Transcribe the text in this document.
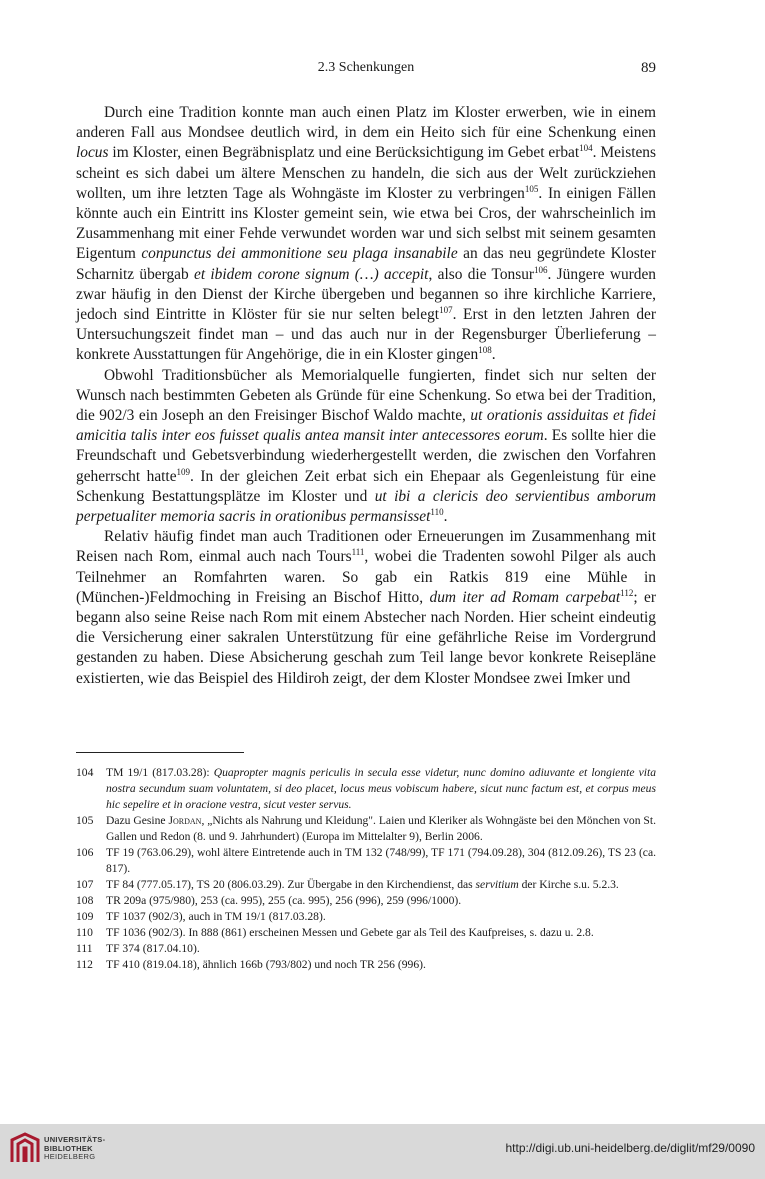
2.3 Schenkungen	89

Durch eine Tradition konnte man auch einen Platz im Kloster erwerben, wie in einem anderen Fall aus Mondsee deutlich wird, in dem ein Heito sich für eine Schenkung einen locus im Kloster, einen Begräbnisplatz und eine Berücksichtigung im Gebet erbat$^{104}$. Meistens scheint es sich dabei um ältere Menschen zu handeln, die sich aus der Welt zurückziehen wollten, um ihre letzten Tage als Wohngäste im Kloster zu verbringen$^{105}$. In einigen Fällen könnte auch ein Eintritt ins Kloster gemeint sein, wie etwa bei Cros, der wahrscheinlich im Zusammenhang mit einer Fehde verwundet worden war und sich selbst mit seinem gesamten Eigentum conpunctus dei ammonitione seu plaga insanabile an das neu gegründete Kloster Scharnitz übergab et ibidem corone signum (…) accepit, also die Tonsur$^{106}$. Jüngere wurden zwar häufig in den Dienst der Kirche übergeben und begannen so ihre kirchliche Karriere, jedoch sind Eintritte in Klöster für sie nur selten belegt$^{107}$. Erst in den letzten Jahren der Untersuchungszeit findet man – und das auch nur in der Regensburger Überlieferung – konkrete Ausstattungen für Angehörige, die in ein Kloster gingen$^{108}$.

Obwohl Traditionsbücher als Memorialquelle fungierten, findet sich nur selten der Wunsch nach bestimmten Gebeten als Gründe für eine Schenkung. So etwa bei der Tradition, die 902/3 ein Joseph an den Freisinger Bischof Waldo machte, ut orationis assiduitas et fidei amicitia talis inter eos fuisset qualis antea mansit inter antecessores eorum. Es sollte hier die Freundschaft und Gebetsverbindung wiederhergestellt werden, die zwischen den Vorfahren geherrscht hatte$^{109}$. In der gleichen Zeit erbat sich ein Ehepaar als Gegenleistung für eine Schenkung Bestattungsplätze im Kloster und ut ibi a clericis deo servientibus amborum perpetualiter memoria sacris in orationibus permansisset$^{110}$.

Relativ häufig findet man auch Traditionen oder Erneuerungen im Zusammenhang mit Reisen nach Rom, einmal auch nach Tours$^{111}$, wobei die Tradenten sowohl Pilger als auch Teilnehmer an Romfahrten waren. So gab ein Ratkis 819 eine Mühle in (München-)Feldmoching in Freising an Bischof Hitto, dum iter ad Romam carpebat$^{112}$; er begann also seine Reise nach Rom mit einem Abstecher nach Norden. Hier scheint eindeutig die Versicherung einer sakralen Unterstützung für eine gefährliche Reise im Vordergrund gestanden zu haben. Diese Absicherung geschah zum Teil lange bevor konkrete Reisepläne existierten, wie das Beispiel des Hildiroh zeigt, der dem Kloster Mondsee zwei Imker und

104	TM 19/1 (817.03.28): Quapropter magnis periculis in secula esse videtur, nunc domino adiuvante et longiente vita nostra secundum suam voluntatem, si deo placet, locus meus vobiscum habere, sicut nunc factum est, et corpus meus hic sepelire et in oracione vestra, sicut vester servus.
105	Dazu Gesine Jordan, „Nichts als Nahrung und Kleidung". Laien und Kleriker als Wohngäste bei den Mönchen von St. Gallen und Redon (8. und 9. Jahrhundert) (Europa im Mittelalter 9), Berlin 2006.
106	TF 19 (763.06.29), wohl ältere Eintretende auch in TM 132 (748/99), TF 171 (794.09.28), 304 (812.09.26), TS 23 (ca. 817).
107	TF 84 (777.05.17), TS 20 (806.03.29). Zur Übergabe in den Kirchendienst, das servitium der Kirche s.u. 5.2.3.
108	TR 209a (975/980), 253 (ca. 995), 255 (ca. 995), 256 (996), 259 (996/1000).
109	TF 1037 (902/3), auch in TM 19/1 (817.03.28).
110	TF 1036 (902/3). In 888 (861) erscheinen Messen und Gebete gar als Teil des Kaufpreises, s. dazu u. 2.8.
111	TF 374 (817.04.10).
112	TF 410 (819.04.18), ähnlich 166b (793/802) und noch TR 256 (996).
UNIVERSITÄTS-
BIBLIOTHEK
HEIDELBERG
http://digi.ub.uni-heidelberg.de/diglit/mf29/0090
